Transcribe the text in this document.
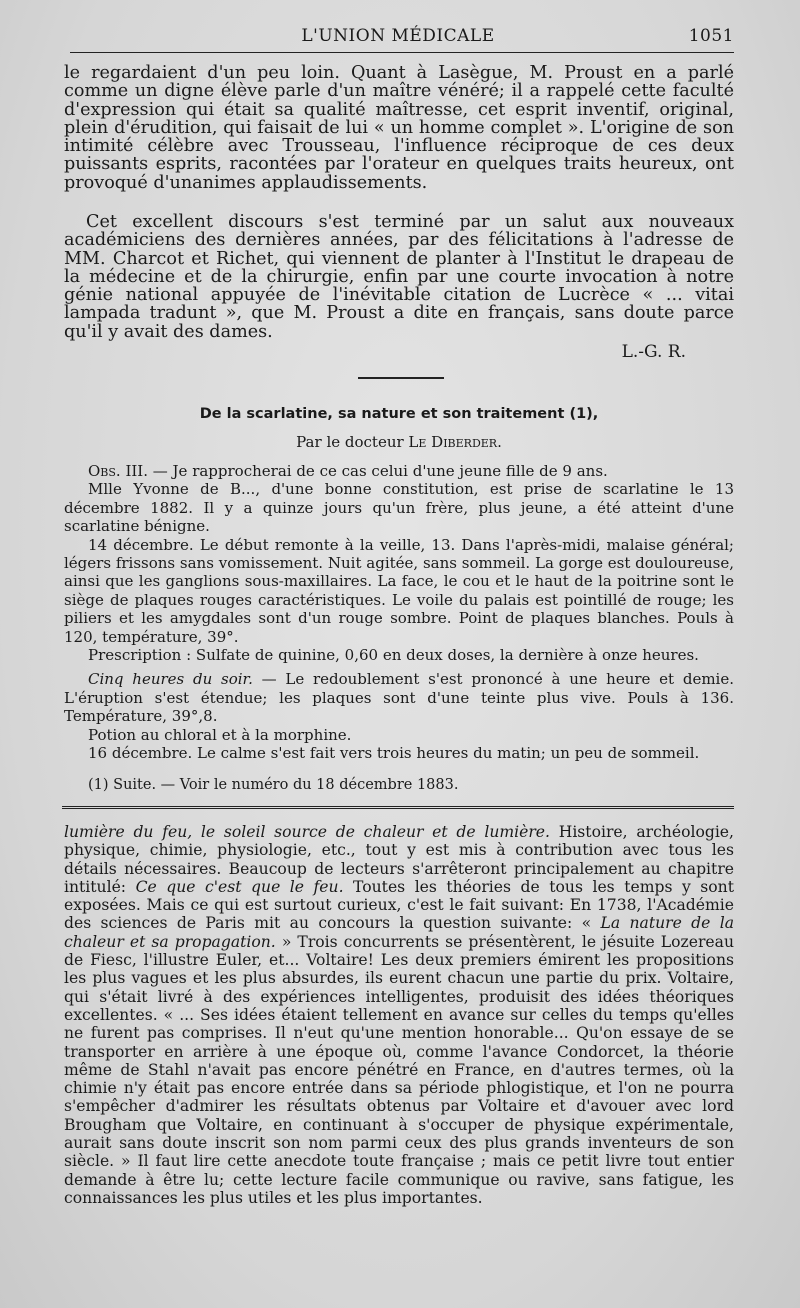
L'UNION MÉDICALE	1051
le regardaient d'un peu loin. Quant à Lasègue, M. Proust en a parlé comme un digne élève parle d'un maître vénéré; il a rappelé cette faculté d'expression qui était sa qualité maîtresse, cet esprit inventif, original, plein d'érudition, qui faisait de lui « un homme complet ». L'origine de son intimité célèbre avec Trousseau, l'influence réciproque de ces deux puissants esprits, racontées par l'orateur en quelques traits heureux, ont provoqué d'unanimes applaudissements.
Cet excellent discours s'est terminé par un salut aux nouveaux académiciens des dernières années, par des félicitations à l'adresse de MM. Charcot et Richet, qui viennent de planter à l'Institut le drapeau de la médecine et de la chirurgie, enfin par une courte invocation à notre génie national appuyée de l'inévitable citation de Lucrèce « ... vitai lampada tradunt », que M. Proust a dite en français, sans doute parce qu'il y avait des dames.
L.-G. R.
De la scarlatine, sa nature et son traitement (1),
Par le docteur Le Diberder.

Obs. III. — Je rapprocherai de ce cas celui d'une jeune fille de 9 ans.

Mlle Yvonne de B..., d'une bonne constitution, est prise de scarlatine le 13 décembre 1882. Il y a quinze jours qu'un frère, plus jeune, a été atteint d'une scarlatine bénigne.

14 décembre. Le début remonte à la veille, 13. Dans l'après-midi, malaise général; légers frissons sans vomissement. Nuit agitée, sans sommeil. La gorge est douloureuse, ainsi que les ganglions sous-maxillaires. La face, le cou et le haut de la poitrine sont le siège de plaques rouges caractéristiques. Le voile du palais est pointillé de rouge; les piliers et les amygdales sont d'un rouge sombre. Point de plaques blanches. Pouls à 120, température, 39°.

Prescription : Sulfate de quinine, 0,60 en deux doses, la dernière à onze heures.

Cinq heures du soir. — Le redoublement s'est prononcé à une heure et demie. L'éruption s'est étendue; les plaques sont d'une teinte plus vive. Pouls à 136. Température, 39°,8.

Potion au chloral et à la morphine.

16 décembre. Le calme s'est fait vers trois heures du matin; un peu de sommeil.

(1) Suite. — Voir le numéro du 18 décembre 1883.
lumière du feu, le soleil source de chaleur et de lumière. Histoire, archéologie, physique, chimie, physiologie, etc., tout y est mis à contribution avec tous les détails nécessaires. Beaucoup de lecteurs s'arrêteront principalement au chapitre intitulé: Ce que c'est que le feu. Toutes les théories de tous les temps y sont exposées. Mais ce qui est surtout curieux, c'est le fait suivant: En 1738, l'Académie des sciences de Paris mit au concours la question suivante: « La nature de la chaleur et sa propagation. » Trois concurrents se présentèrent, le jésuite Lozereau de Fiesc, l'illustre Euler, et... Voltaire! Les deux premiers émirent les propositions les plus vagues et les plus absurdes, ils eurent chacun une partie du prix. Voltaire, qui s'était livré à des expériences intelligentes, produisit des idées théoriques excellentes. « ... Ses idées étaient tellement en avance sur celles du temps qu'elles ne furent pas comprises. Il n'eut qu'une mention honorable... Qu'on essaye de se transporter en arrière à une époque où, comme l'avance Condorcet, la théorie même de Stahl n'avait pas encore pénétré en France, en d'autres termes, où la chimie n'y était pas encore entrée dans sa période phlogistique, et l'on ne pourra s'empêcher d'admirer les résultats obtenus par Voltaire et d'avouer avec lord Brougham que Voltaire, en continuant à s'occuper de physique expérimentale, aurait sans doute inscrit son nom parmi ceux des plus grands inventeurs de son siècle. » Il faut lire cette anecdote toute française ; mais ce petit livre tout entier demande à être lu; cette lecture facile communique ou ravive, sans fatigue, les connaissances les plus utiles et les plus importantes.
